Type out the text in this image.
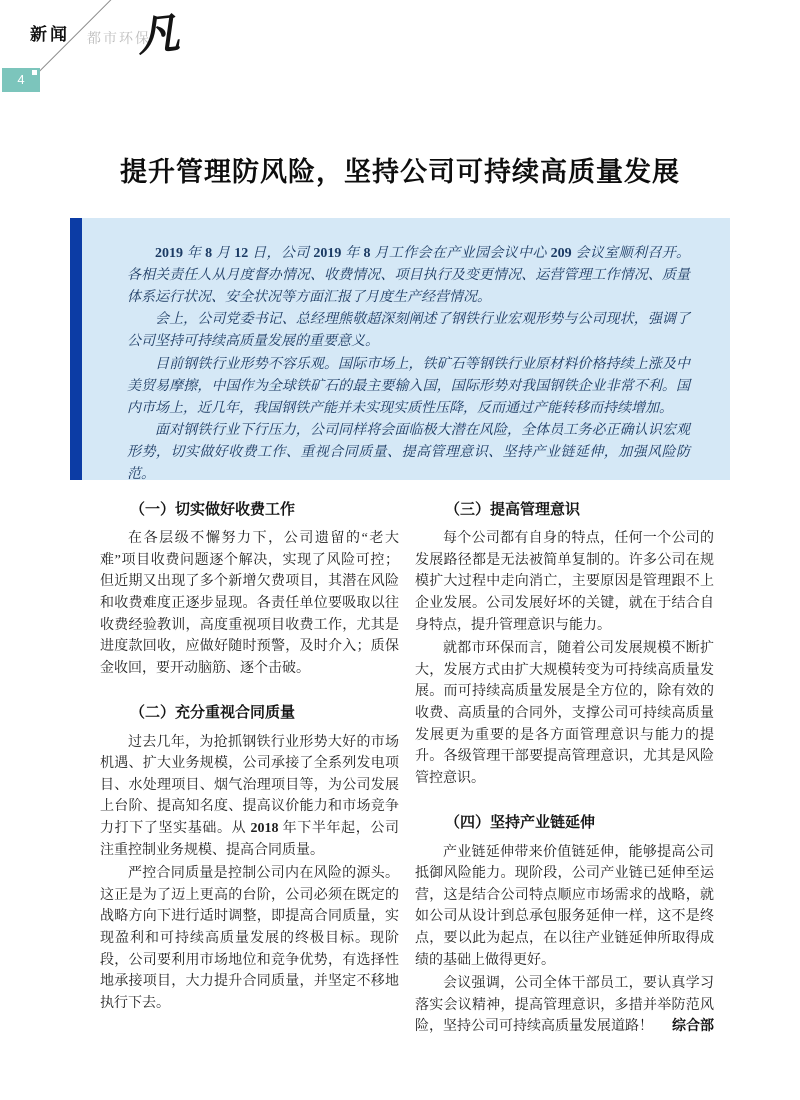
新闻 都市环保
凡
4
提升管理防风险，坚持公司可持续高质量发展

2019 年 8 月 12 日，公司 2019 年 8 月工作会在产业园会议中心 209 会议室顺利召开。各相关责任人从月度督办情况、收费情况、项目执行及变更情况、运营管理工作情况、质量体系运行状况、安全状况等方面汇报了月度生产经营情况。

会上，公司党委书记、总经理熊敬超深刻阐述了钢铁行业宏观形势与公司现状，强调了公司坚持可持续高质量发展的重要意义。

目前钢铁行业形势不容乐观。国际市场上，铁矿石等钢铁行业原材料价格持续上涨及中美贸易摩擦，中国作为全球铁矿石的最主要输入国，国际形势对我国钢铁企业非常不利。国内市场上，近几年，我国钢铁产能并未实现实质性压降，反而通过产能转移而持续增加。

面对钢铁行业下行压力，公司同样将会面临极大潜在风险，全体员工务必正确认识宏观形势，切实做好收费工作、重视合同质量、提高管理意识、坚持产业链延伸，加强风险防范。

（一）切实做好收费工作

在各层级不懈努力下，公司遗留的“老大难”项目收费问题逐个解决，实现了风险可控；但近期又出现了多个新增欠费项目，其潜在风险和收费难度正逐步显现。各责任单位要吸取以往收费经验教训，高度重视项目收费工作，尤其是进度款回收，应做好随时预警，及时介入；质保金收回，要开动脑筋、逐个击破。

（二）充分重视合同质量

过去几年，为抢抓钢铁行业形势大好的市场机遇、扩大业务规模，公司承接了全系列发电项目、水处理项目、烟气治理项目等，为公司发展上台阶、提高知名度、提高议价能力和市场竞争力打下了坚实基础。从 2018 年下半年起，公司注重控制业务规模、提高合同质量。

严控合同质量是控制公司内在风险的源头。这正是为了迈上更高的台阶，公司必须在既定的战略方向下进行适时调整，即提高合同质量，实现盈利和可持续高质量发展的终极目标。现阶段，公司要利用市场地位和竞争优势，有选择性地承接项目，大力提升合同质量，并坚定不移地执行下去。

（三）提高管理意识

每个公司都有自身的特点，任何一个公司的发展路径都是无法被简单复制的。许多公司在规模扩大过程中走向消亡，主要原因是管理跟不上企业发展。公司发展好坏的关键，就在于结合自身特点，提升管理意识与能力。

就都市环保而言，随着公司发展规模不断扩大，发展方式由扩大规模转变为可持续高质量发展。而可持续高质量发展是全方位的，除有效的收费、高质量的合同外，支撑公司可持续高质量发展更为重要的是各方面管理意识与能力的提升。各级管理干部要提高管理意识，尤其是风险管控意识。

（四）坚持产业链延伸

产业链延伸带来价值链延伸，能够提高公司抵御风险能力。现阶段，公司产业链已延伸至运营，这是结合公司特点顺应市场需求的战略，就如公司从设计到总承包服务延伸一样，这不是终点，要以此为起点，在以往产业链延伸所取得成绩的基础上做得更好。

会议强调，公司全体干部员工，要认真学习落实会议精神，提高管理意识，多措并举防范风险，坚持公司可持续高质量发展道路！	综合部
